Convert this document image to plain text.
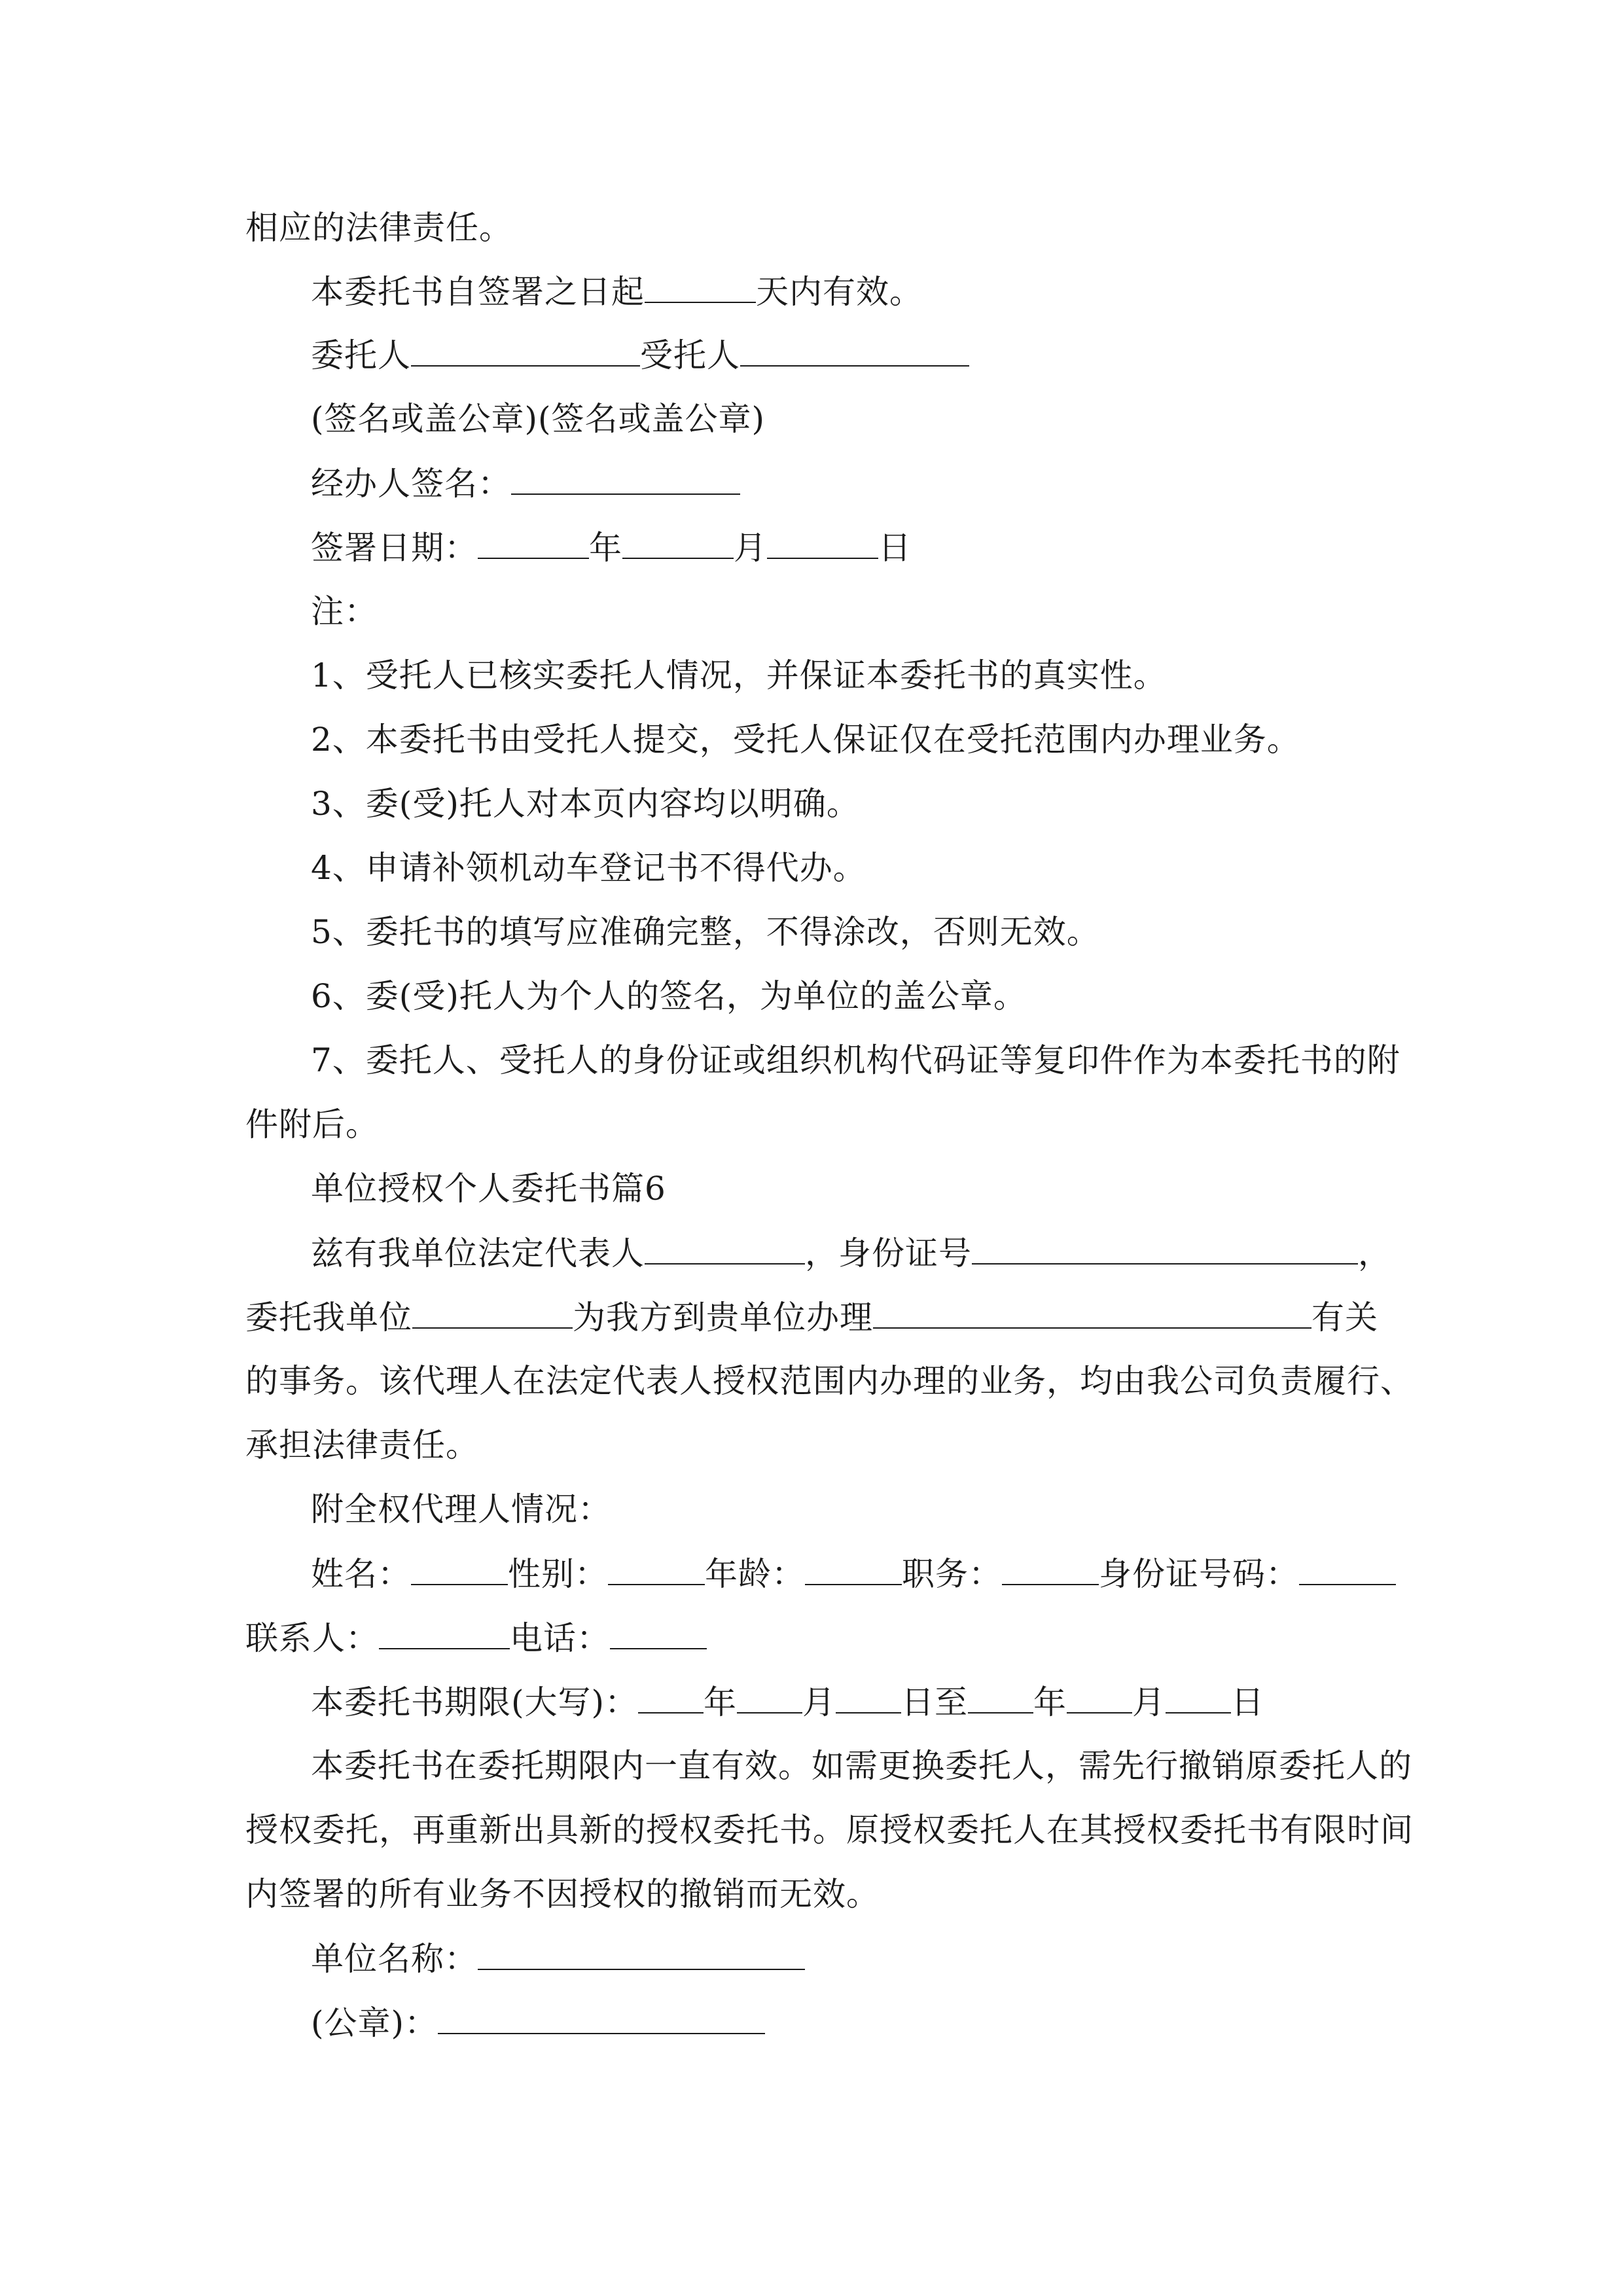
相应的法律责任。
本委托书自签署之日起	天内有效。
委托人	受托人
(签名或盖公章)(签名或盖公章)
经办人签名：
签署日期：	年	月	日
注：
1、受托人已核实委托人情况，并保证本委托书的真实性。
2、本委托书由受托人提交，受托人保证仅在受托范围内办理业务。
3、委(受)托人对本页内容均以明确。
4、申请补领机动车登记书不得代办。
5、委托书的填写应准确完整，不得涂改，否则无效。
6、委(受)托人为个人的签名，为单位的盖公章。
7、委托人、受托人的身份证或组织机构代码证等复印件作为本委托书的附
件附后。
单位授权个人委托书篇6
兹有我单位法定代表人	，身份证号	，
委托我单位	为我方到贵单位办理	有关
的事务。该代理人在法定代表人授权范围内办理的业务，均由我公司负责履行、
承担法律责任。
附全权代理人情况：
姓名：	性别：	年龄：	职务：	身份证号码：
联系人：	电话：
本委托书期限(大写)： 年 月 日至 年 月 日
本委托书在委托期限内一直有效。如需更换委托人，需先行撤销原委托人的
授权委托，再重新出具新的授权委托书。原授权委托人在其授权委托书有限时间
内签署的所有业务不因授权的撤销而无效。
单位名称：
(公章)：
